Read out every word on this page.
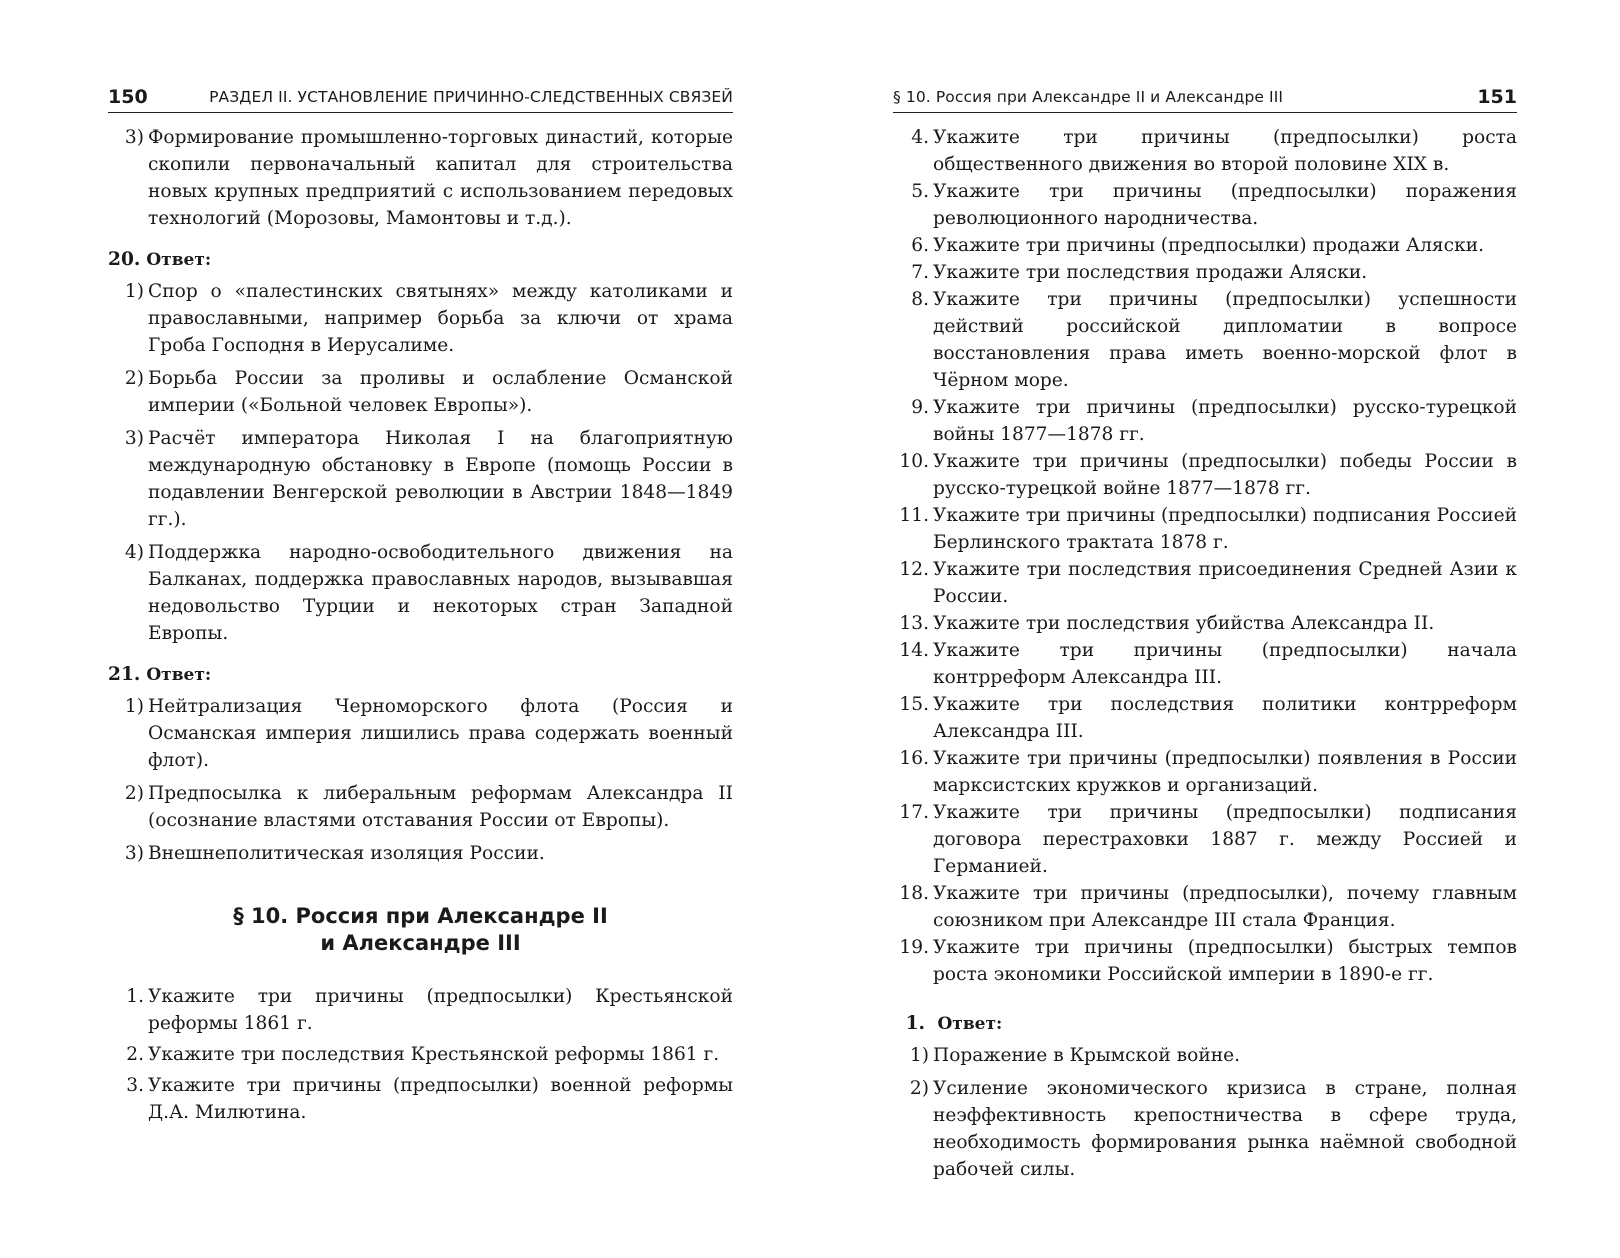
150	РАЗДЕЛ II. УСТАНОВЛЕНИЕ ПРИЧИННО-СЛЕДСТВЕННЫХ СВЯЗЕЙ
3) Формирование промышленно-торговых династий, которые скопили первоначальный капитал для строительства новых крупных предприятий с использованием передовых технологий (Морозовы, Мамонтовы и т.д.).
20. Ответ:
1) Спор о «палестинских святынях» между католиками и православными, например борьба за ключи от храма Гроба Господня в Иерусалиме.
2) Борьба России за проливы и ослабление Османской империи («Больной человек Европы»).
3) Расчёт императора Николая I на благоприятную международную обстановку в Европе (помощь России в подавлении Венгерской революции в Австрии 1848—1849 гг.).
4) Поддержка народно-освободительного движения на Балканах, поддержка православных народов, вызывавшая недовольство Турции и некоторых стран Западной Европы.
21. Ответ:
1) Нейтрализация Черноморского флота (Россия и Османская империя лишились права содержать военный флот).
2) Предпосылка к либеральным реформам Александра II (осознание властями отставания России от Европы).
3) Внешнеполитическая изоляция России.
§ 10. Россия при Александре II
и Александре III
1. Укажите три причины (предпосылки) Крестьянской реформы 1861 г.
2. Укажите три последствия Крестьянской реформы 1861 г.
3. Укажите три причины (предпосылки) военной реформы Д.А. Милютина.
§ 10. Россия при Александре II и Александре III	151
4. Укажите три причины (предпосылки) роста общественного движения во второй половине XIX в.
5. Укажите три причины (предпосылки) поражения революционного народничества.
6. Укажите три причины (предпосылки) продажи Аляски.
7. Укажите три последствия продажи Аляски.
8. Укажите три причины (предпосылки) успешности действий российской дипломатии в вопросе восстановления права иметь военно-морской флот в Чёрном море.
9. Укажите три причины (предпосылки) русско-турецкой войны 1877—1878 гг.
10. Укажите три причины (предпосылки) победы России в русско-турецкой войне 1877—1878 гг.
11. Укажите три причины (предпосылки) подписания Россией Берлинского трактата 1878 г.
12. Укажите три последствия присоединения Средней Азии к России.
13. Укажите три последствия убийства Александра II.
14. Укажите три причины (предпосылки) начала контрреформ Александра III.
15. Укажите три последствия политики контрреформ Александра III.
16. Укажите три причины (предпосылки) появления в России марксистских кружков и организаций.
17. Укажите три причины (предпосылки) подписания договора перестраховки 1887 г. между Россией и Германией.
18. Укажите три причины (предпосылки), почему главным союзником при Александре III стала Франция.
19. Укажите три причины (предпосылки) быстрых темпов роста экономики Российской империи в 1890-е гг.
1. Ответ:
1) Поражение в Крымской войне.
2) Усиление экономического кризиса в стране, полная неэффективность крепостничества в сфере труда, необходимость формирования рынка наёмной свободной рабочей силы.
